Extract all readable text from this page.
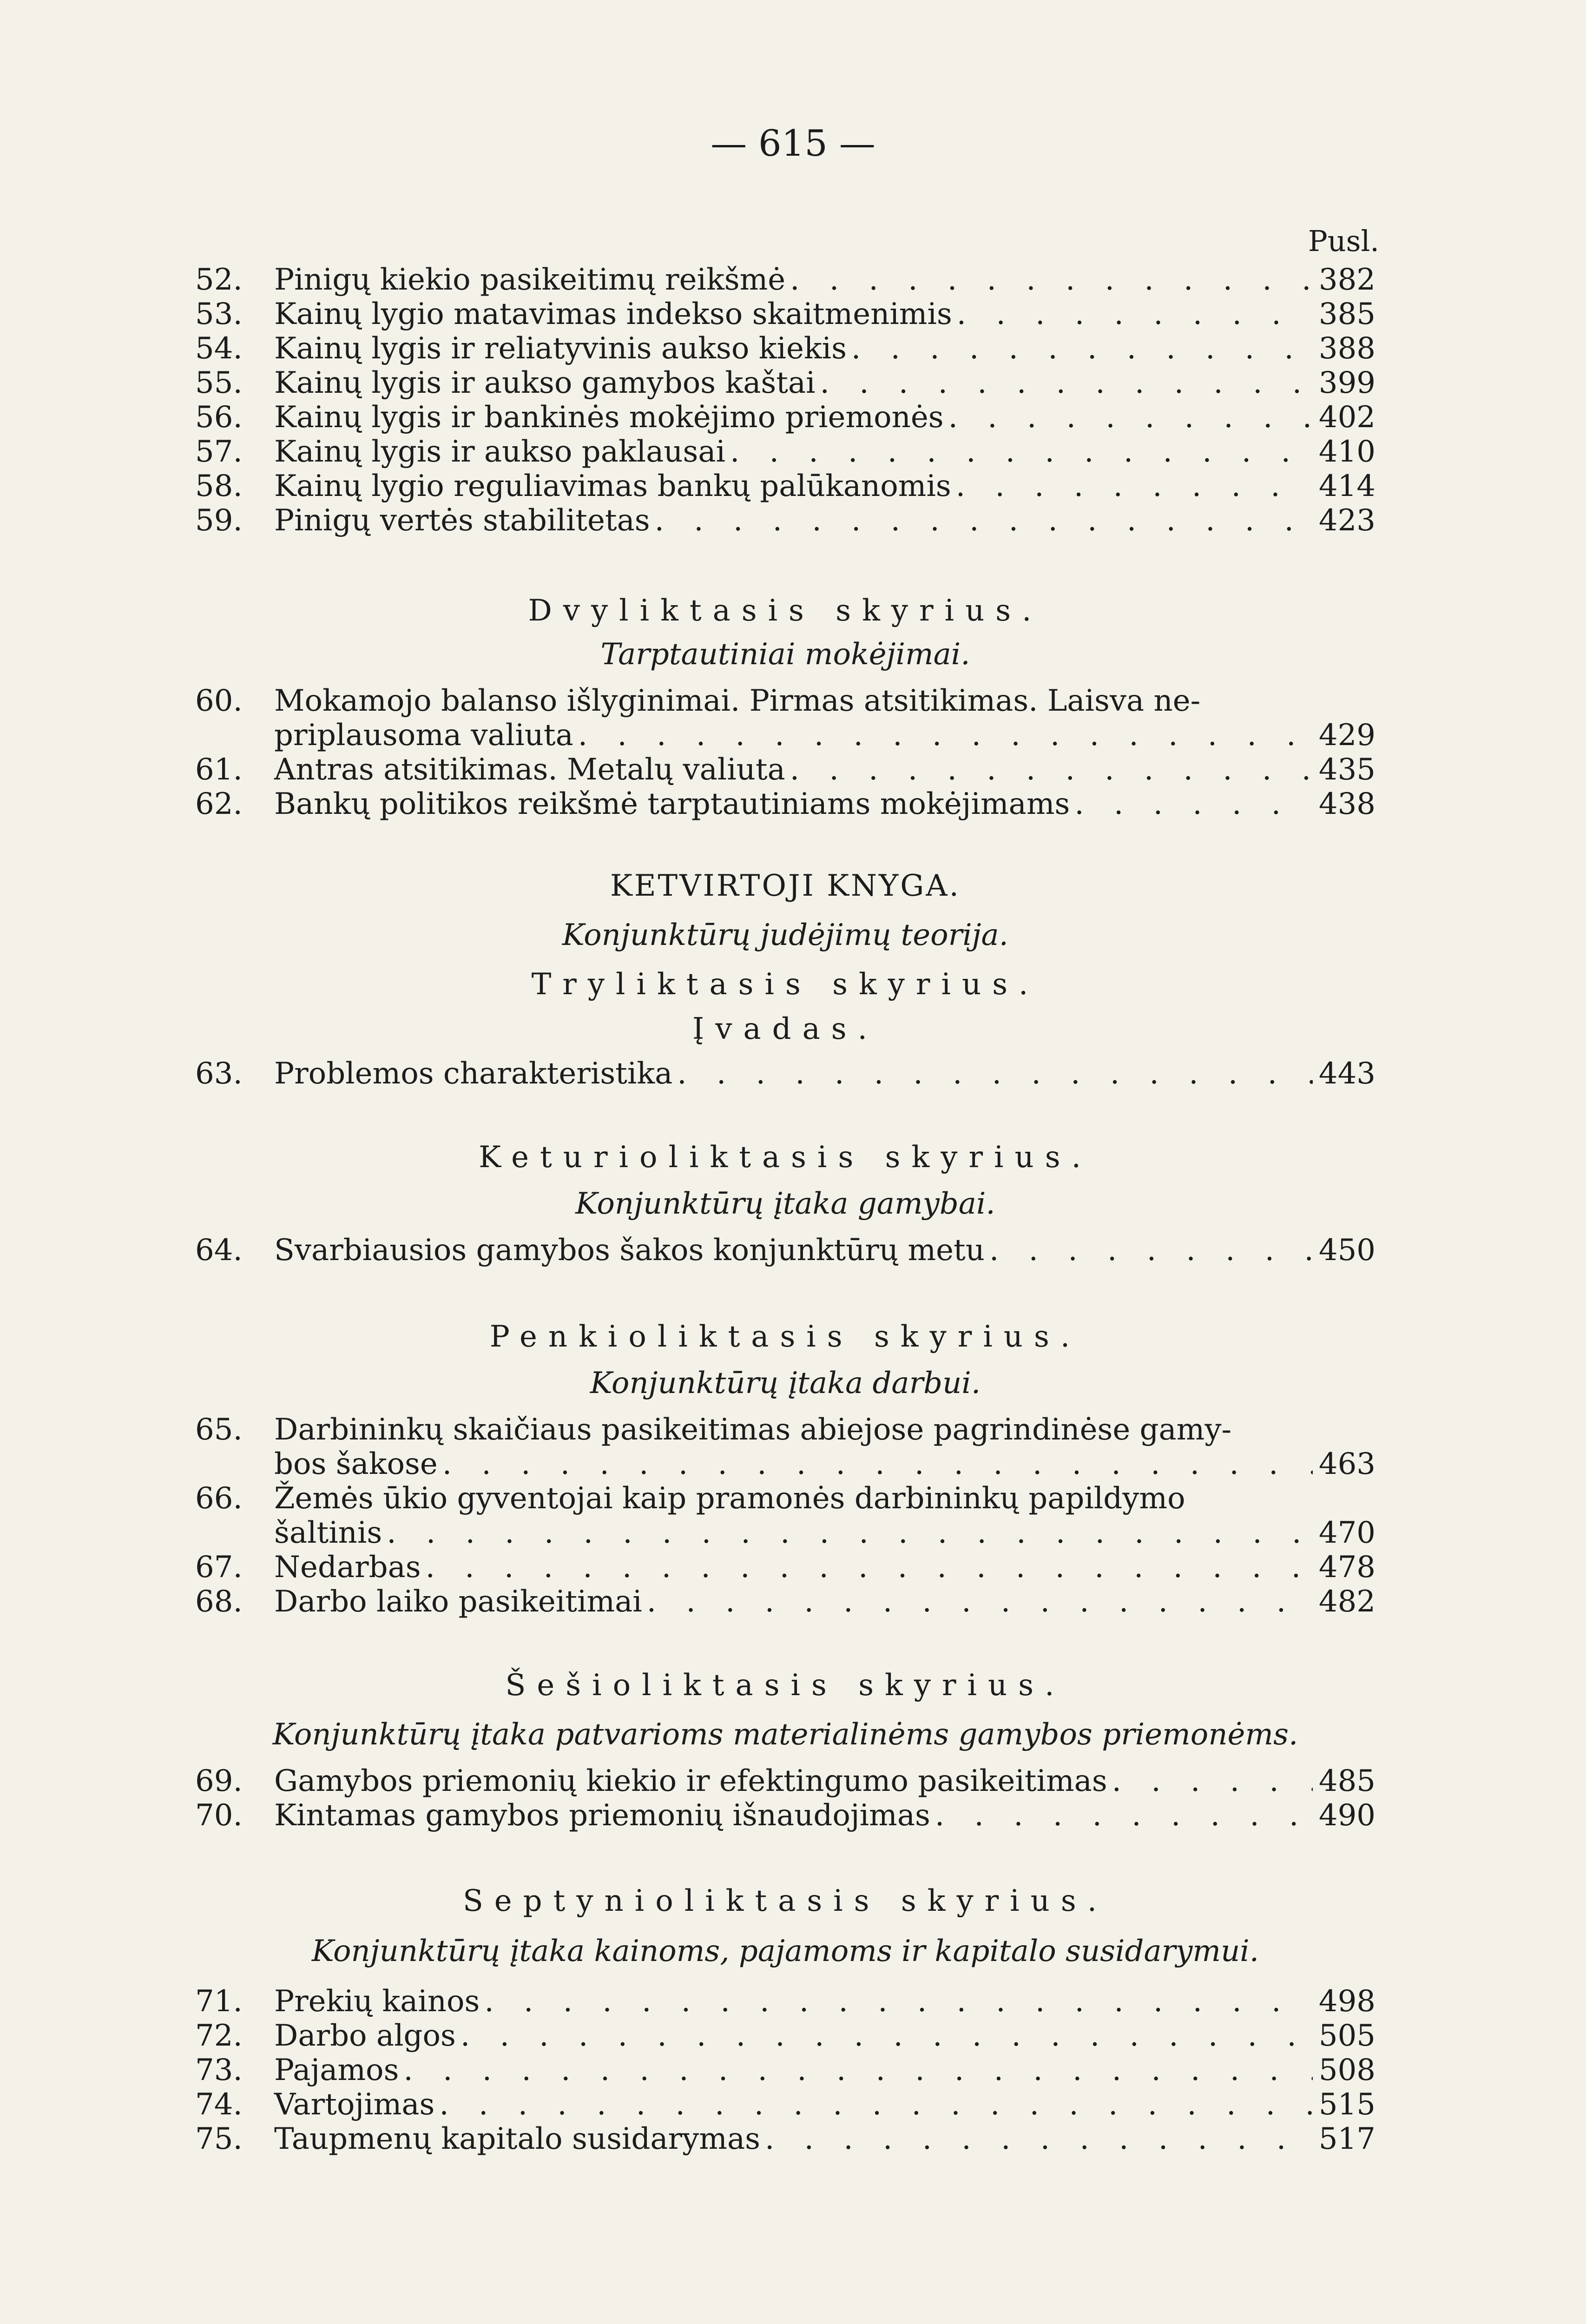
— 615 —
Pusl.
52.	Pinigų kiekio pasikeitimų reikšmė . . .	382
53.	Kainų lygio matavimas indekso skaitmenimis . . .	385
54.	Kainų lygis ir reliatyvinis aukso kiekis . . .	388
55.	Kainų lygis ir aukso gamybos kaštai . . .	399
56.	Kainų lygis ir bankinės mokėjimo priemonės . . .	402
57.	Kainų lygis ir aukso paklausai . . .	410
58.	Kainų lygio reguliavimas bankų palūkanomis . . .	414
59.	Pinigų vertės stabilitetas . . .	423
Dvyliktasis skyrius.
Tarptautiniai mokėjimai.
60.	Mokamojo balanso išlyginimai. Pirmas atsitikimas. Laisva ne-
priplausoma valiuta . . .	429
61.	Antras atsitikimas. Metalų valiuta . . .	435
62.	Bankų politikos reikšmė tarptautiniams mokėjimams . . .	438
KETVIRTOJI KNYGA.
Konjunktūrų judėjimų teorija.
Tryliktasis skyrius.
Įvadas.
63.	Problemos charakteristika . . .	443
Keturioliktasis skyrius.
Konjunktūrų įtaka gamybai.
64.	Svarbiausios gamybos šakos konjunktūrų metu . . .	450
Penkioliktasis skyrius.
Konjunktūrų įtaka darbui.
65.	Darbininkų skaičiaus pasikeitimas abiejose pagrindinėse gamy-
bos šakose . . .	463
66.	Žemės ūkio gyventojai kaip pramonės darbininkų papildymo
šaltinis . . .	470
67.	Nedarbas . . .	478
68.	Darbo laiko pasikeitimai . . .	482
Šešioliktasis skyrius.
Konjunktūrų įtaka patvarioms materialinėms gamybos priemonėms.
69.	Gamybos priemonių kiekio ir efektingumo pasikeitimas . . .	485
70.	Kintamas gamybos priemonių išnaudojimas . . .	490
Septynioliktasis skyrius.
Konjunktūrų įtaka kainoms, pajamoms ir kapitalo susidarymui.
71.	Prekių kainos . . .	498
72.	Darbo algos . . .	505
73.	Pajamos . . .	508
74.	Vartojimas . . .	515
75.	Taupmenų kapitalo susidarymas . . .	517
